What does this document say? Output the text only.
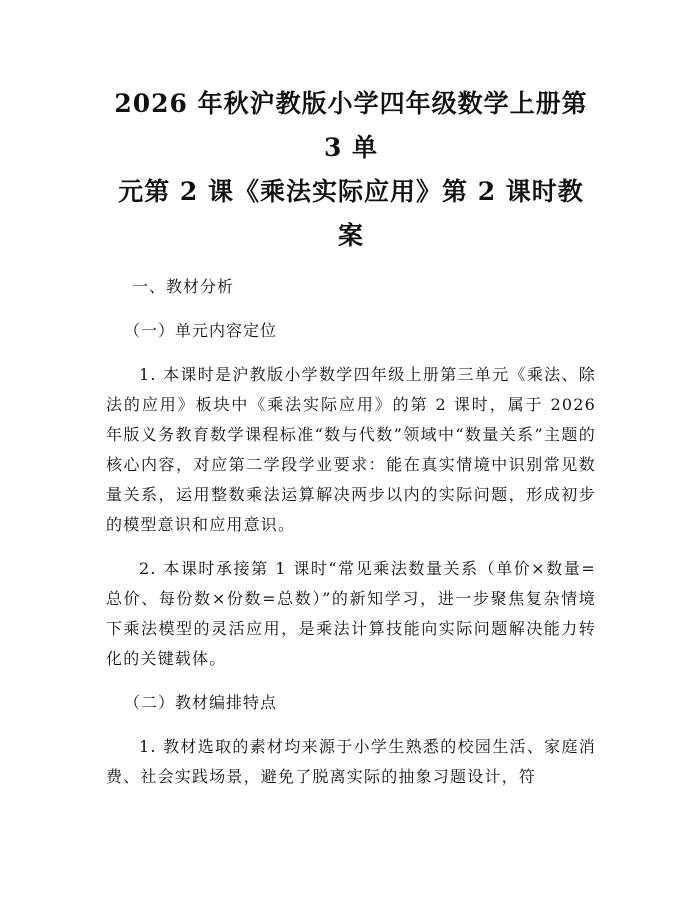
2026 年秋沪教版小学四年级数学上册第 3 单
元第 2 课《乘法实际应用》第 2 课时教案

一、教材分析

（一）单元内容定位

1. 本课时是沪教版小学数学四年级上册第三单元《乘法、除法的应用》板块中《乘法实际应用》的第 2 课时，属于 2026 年版义务教育数学课程标准“数与代数”领域中“数量关系”主题的核心内容，对应第二学段学业要求：能在真实情境中识别常见数量关系，运用整数乘法运算解决两步以内的实际问题，形成初步的模型意识和应用意识。

2. 本课时承接第 1 课时“常见乘法数量关系（单价×数量=总价、每份数×份数=总数）”的新知学习，进一步聚焦复杂情境下乘法模型的灵活应用，是乘法计算技能向实际问题解决能力转化的关键载体。

（二）教材编排特点

1. 教材选取的素材均来源于小学生熟悉的校园生活、家庭消费、社会实践场景，避免了脱离实际的抽象习题设计，符
